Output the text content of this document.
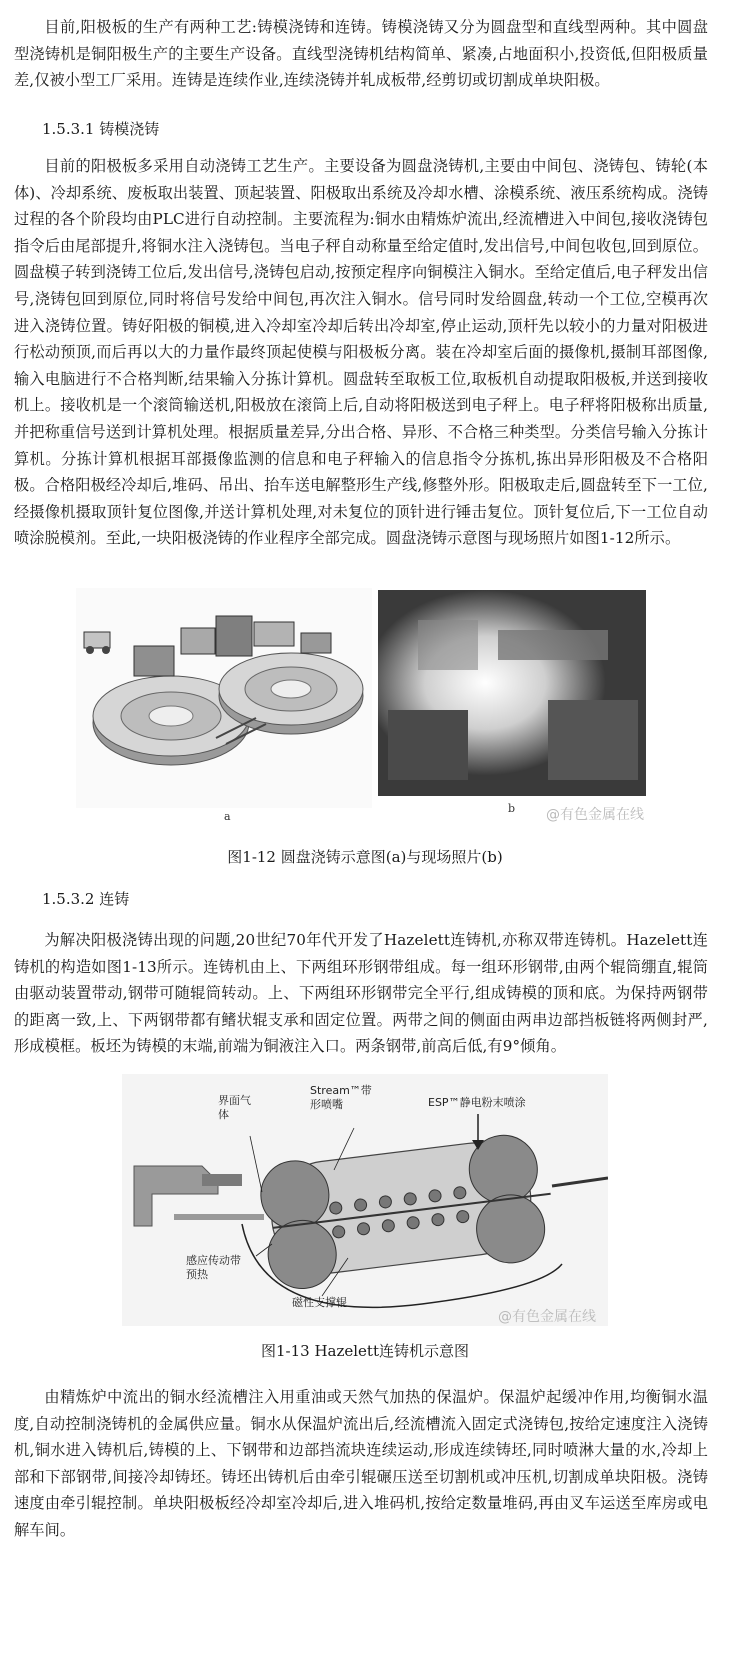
目前,阳极板的生产有两种工艺:铸模浇铸和连铸。铸模浇铸又分为圆盘型和直线型两种。其中圆盘型浇铸机是铜阳极生产的主要生产设备。直线型浇铸机结构简单、紧凑,占地面积小,投资低,但阳极质量差,仅被小型工厂采用。连铸是连续作业,连续浇铸并轧成板带,经剪切或切割成单块阳极。

1.5.3.1 铸模浇铸

目前的阳极板多采用自动浇铸工艺生产。主要设备为圆盘浇铸机,主要由中间包、浇铸包、铸轮(本体)、冷却系统、废板取出装置、顶起装置、阳极取出系统及冷却水槽、涂模系统、液压系统构成。浇铸过程的各个阶段均由PLC进行自动控制。主要流程为:铜水由精炼炉流出,经流槽进入中间包,接收浇铸包指令后由尾部提升,将铜水注入浇铸包。当电子秤自动称量至给定值时,发出信号,中间包收包,回到原位。圆盘模子转到浇铸工位后,发出信号,浇铸包启动,按预定程序向铜模注入铜水。至给定值后,电子秤发出信号,浇铸包回到原位,同时将信号发给中间包,再次注入铜水。信号同时发给圆盘,转动一个工位,空模再次进入浇铸位置。铸好阳极的铜模,进入冷却室冷却后转出冷却室,停止运动,顶杆先以较小的力量对阳极进行松动预顶,而后再以大的力量作最终顶起使模与阳极板分离。装在冷却室后面的摄像机,摄制耳部图像,输入电脑进行不合格判断,结果输入分拣计算机。圆盘转至取板工位,取板机自动提取阳极板,并送到接收机上。接收机是一个滚筒输送机,阳极放在滚筒上后,自动将阳极送到电子秤上。电子秤将阳极称出质量,并把称重信号送到计算机处理。根据质量差异,分出合格、异形、不合格三种类型。分类信号输入分拣计算机。分拣计算机根据耳部摄像监测的信息和电子秤输入的信息指令分拣机,拣出异形阳极及不合格阳极。合格阳极经冷却后,堆码、吊出、抬车送电解整形生产线,修整外形。阳极取走后,圆盘转至下一工位,经摄像机摄取顶针复位图像,并送计算机处理,对未复位的顶针进行锤击复位。顶针复位后,下一工位自动喷涂脱模剂。至此,一块阳极浇铸的作业程序全部完成。圆盘浇铸示意图与现场照片如图1-12所示。

a
b @有色金属在线

图1-12 圆盘浇铸示意图(a)与现场照片(b)

1.5.3.2 连铸

为解决阳极浇铸出现的问题,20世纪70年代开发了Hazelett连铸机,亦称双带连铸机。Hazelett连铸机的构造如图1-13所示。连铸机由上、下两组环形钢带组成。每一组环形钢带,由两个辊筒绷直,辊筒由驱动装置带动,钢带可随辊筒转动。上、下两组环形钢带完全平行,组成铸模的顶和底。为保持两钢带的距离一致,上、下两钢带都有鳍状辊支承和固定位置。两带之间的侧面由两串边部挡板链将两侧封严,形成模框。板坯为铸模的末端,前端为铜液注入口。两条钢带,前高后低,有9°倾角。

界面气体
Stream™带形喷嘴	ESP™静电粉末喷涂
感应传动带预热
磁性支撑辊
@有色金属在线

图1-13 Hazelett连铸机示意图

由精炼炉中流出的铜水经流槽注入用重油或天然气加热的保温炉。保温炉起缓冲作用,均衡铜水温度,自动控制浇铸机的金属供应量。铜水从保温炉流出后,经流槽流入固定式浇铸包,按给定速度注入浇铸机,铜水进入铸机后,铸模的上、下钢带和边部挡流块连续运动,形成连续铸坯,同时喷淋大量的水,冷却上部和下部钢带,间接冷却铸坯。铸坯出铸机后由牵引辊碾压送至切割机或冲压机,切割成单块阳极。浇铸速度由牵引辊控制。单块阳极板经冷却室冷却后,进入堆码机,按给定数量堆码,再由叉车运送至库房或电解车间。
